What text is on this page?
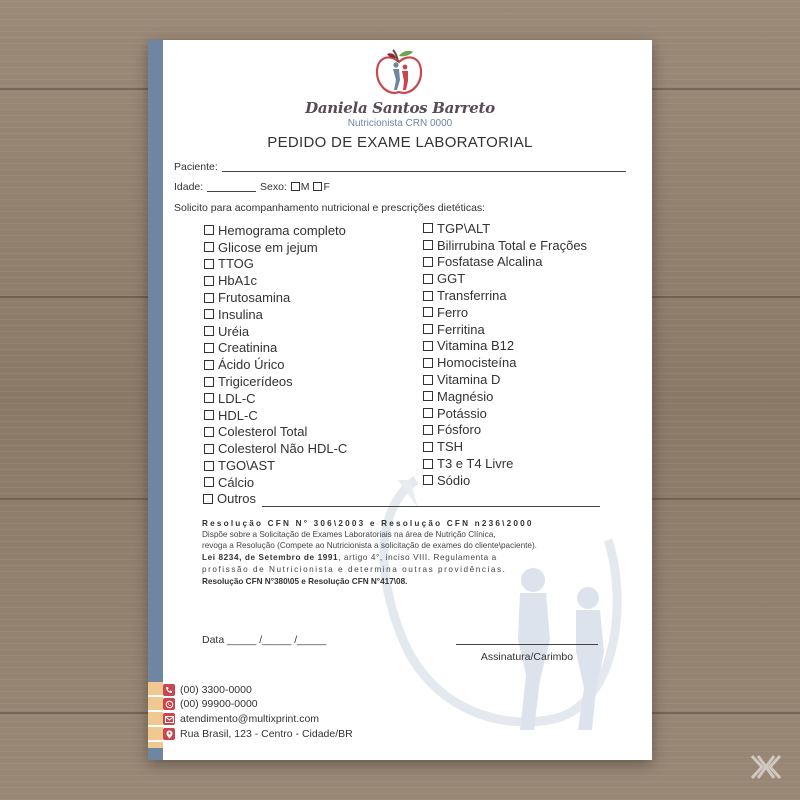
Daniela Santos Barreto
Nutricionista CRN 0000
PEDIDO DE EXAME LABORATORIAL
Paciente:
Idade:	Sexo: M F
Solicito para acompanhamento nutricional e prescrições dietéticas:
Hemograma completo
Glicose em jejum
TTOG
HbA1c
Frutosamina
Insulina
Uréia
Creatinina
Ácido Úrico
Trigicerídeos
LDL-C
HDL-C
Colesterol Total
Colesterol Não HDL-C
TGO\AST
Cálcio
TGP\ALT
Bilirrubina Total e Frações
Fosfatase Alcalina
GGT
Transferrina
Ferro
Ferritina
Vitamina B12
Homocisteína
Vitamina D
Magnésio
Potássio
Fósforo
TSH
T3 e T4 Livre
Sódio
Outros
Resolução CFN N° 306\2003 e Resolução CFN n236\2000
Dispõe sobre a Solicitação de Exames Laboratoriais na área de Nutrição Clínica,
revoga a Resolução (Compete ao Nutricionista a solicitação de exames do cliente\paciente).
Lei 8234, de Setembro de 1991, artigo 4°, inciso VIII. Regulamenta a
profissão de Nutricionista e determina outras providências.
Resolução CFN N°380\05 e Resolução CFN N°417\08.
Data _____ /_____ /_____
Assinatura/Carimbo
(00) 3300-0000
(00) 99900-0000
atendimento@multixprint.com
Rua Brasil, 123 - Centro - Cidade/BR
